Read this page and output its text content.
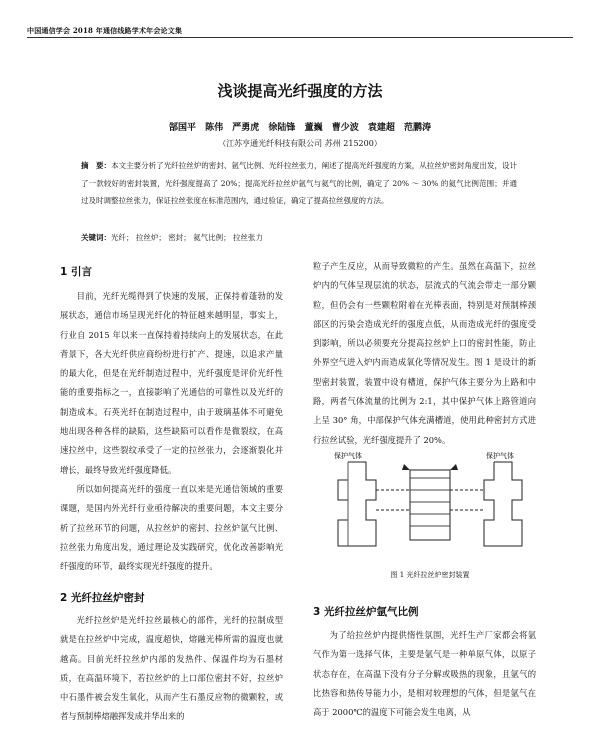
中国通信学会 2018 年通信线路学术年会论文集
浅谈提高光纤强度的方法
郜国平 陈伟 严勇虎 徐陆锋 董巍 曹少波 袁建超 范鹏涛
（江苏亨通光纤科技有限公司 苏州 215200）
摘　要：本文主要分析了光纤拉丝炉的密封、氩气比例、光纤拉丝张力，阐述了提高光纤强度的方案，从拉丝炉密封角度出发，设计了一款较好的密封装置，光纤强度提高了 20%；提高光纤拉丝炉氩气与氦气的比例，确定了 20% ～ 30% 的氦气比例范围；并通过及时调整拉丝张力，保证拉丝张度在标准范围内，通过验证，确定了提高拉丝强度的方法。
关键词：光纤； 拉丝炉； 密封； 氦气比例； 拉丝张力
1 引言

目前，光纤光缆得到了快速的发展，正保持着蓬勃的发展状态，通信市场呈现光纤化的特征越来越明显，事实上，行业自 2015 年以来一直保持着持续向上的发展状态，在此背景下，各大光纤供应商纷纷进行扩产、提速，以追求产量的最大化，但是在光纤制造过程中，光纤强度是评价光纤性能的重要指标之一，直接影响了光通信的可靠性以及光纤的制造成本。石英光纤在制造过程中，由于玻璃基体不可避免地出现各种各样的缺陷，这些缺陷可以看作是微裂纹，在高速拉丝中，这些裂纹承受了一定的拉丝张力，会逐渐裂化并增长，最终导致光纤强度降低。

所以如何提高光纤的强度一直以来是光通信领域的重要课题，是国内外光纤行业亟待解决的重要问题，本文主要分析了拉丝环节的问题，从拉丝炉的密封、拉丝炉氩气比例、拉丝张力角度出发，通过理论及实践研究，优化改善影响光纤强度的环节，最终实现光纤强度的提升。

2 光纤拉丝炉密封

光纤拉丝炉是光纤拉丝最核心的部件，光纤的拉制成型就是在拉丝炉中完成，温度超快，熔融光棒所需的温度也就越高。目前光纤拉丝炉内部的发热件、保温件均为石墨材质，在高温环境下，若拉丝炉的上口部位密封不好，拉丝炉中石墨件被会发生氧化，从而产生石墨反应物的微颗粒，或者与预制棒熔融挥发成并华出来的

粒子产生反应，从而导致微粒的产生。虽然在高温下，拉丝炉内的气体呈现层流的状态，层流式的气流会带走一部分颗粒，但仍会有一些颗粒附着在光棒表面，特别是对预制棒颈部区的污染会造成光纤的强度点低，从而造成光纤的强度受到影响，所以必须要充分提高拉丝炉上口的密封性能，防止外界空气进入炉内而造成氧化等情况发生。图 1 是设计的新型密封装置，装置中设有槽道，保护气体主要分为上路和中路，两者气体流量的比例为 2:1，其中保护气体上路管道向上呈 30° 角，中部保护气体充满槽道，使用此种密封方式进行拉丝试验，光纤强度提升了 20%。

保护气体	保护气体
图 1 光纤拉丝炉密封装置
3 光纤拉丝炉氩气比例

为了给拉丝炉内提供惰性氛围，光纤生产厂家都会将氩气作为第一选择气体，主要是氩气是一种单原气体，以原子状态存在，在高温下没有分子分解或吸热的现象，且氩气的比热容和热传导能力小，是相对较理想的气体，但是氩气在高于 2000℃的温度下可能会发生电离，从
